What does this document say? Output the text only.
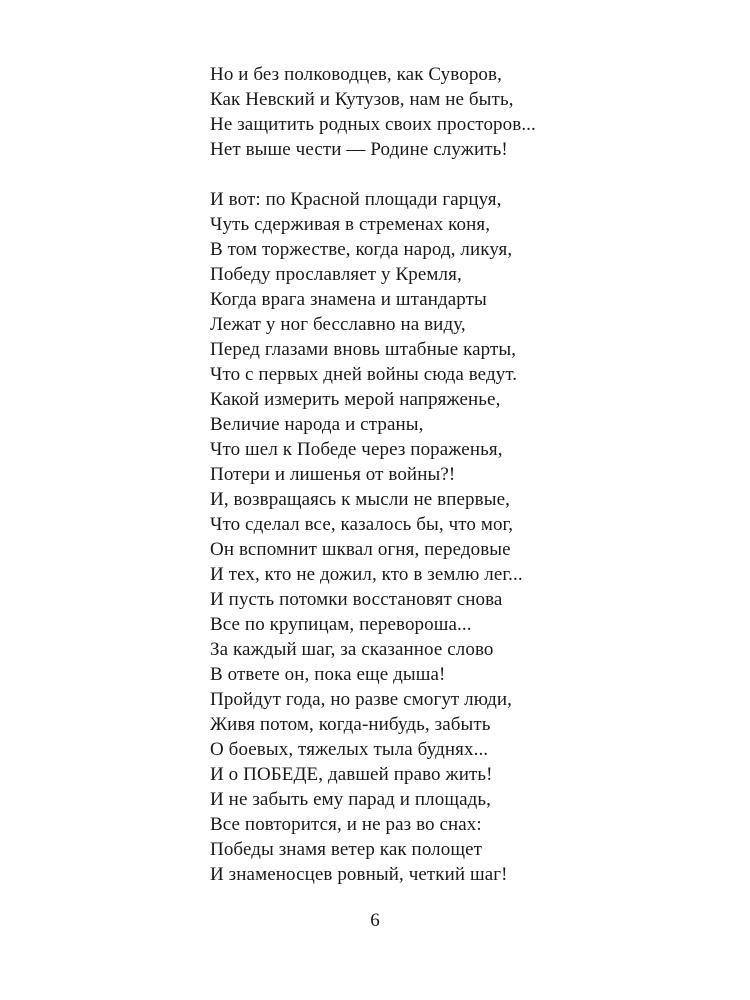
Но и без полководцев, как Суворов,
Как Невский и Кутузов, нам не быть,
Не защитить родных своих просторов...
Нет выше чести — Родине служить!
И вот: по Красной площади гарцуя,
Чуть сдерживая в стременах коня,
В том торжестве, когда народ, ликуя,
Победу прославляет у Кремля,
Когда врага знамена и штандарты
Лежат у ног бесславно на виду,
Перед глазами вновь штабные карты,
Что с первых дней войны сюда ведут.
Какой измерить мерой напряженье,
Величие народа и страны,
Что шел к Победе через пораженья,
Потери и лишенья от войны?!
И, возвращаясь к мысли не впервые,
Что сделал все, казалось бы, что мог,
Он вспомнит шквал огня, передовые
И тех, кто не дожил, кто в землю лег...
И пусть потомки восстановят снова
Все по крупицам, перевороша...
За каждый шаг, за сказанное слово
В ответе он, пока еще дыша!
Пройдут года, но разве смогут люди,
Живя потом, когда-нибудь, забыть
О боевых, тяжелых тыла буднях...
И о ПОБЕДЕ, давшей право жить!
И не забыть ему парад и площадь,
Все повторится, и не раз во снах:
Победы знамя ветер как полощет
И знаменосцев ровный, четкий шаг!
6
